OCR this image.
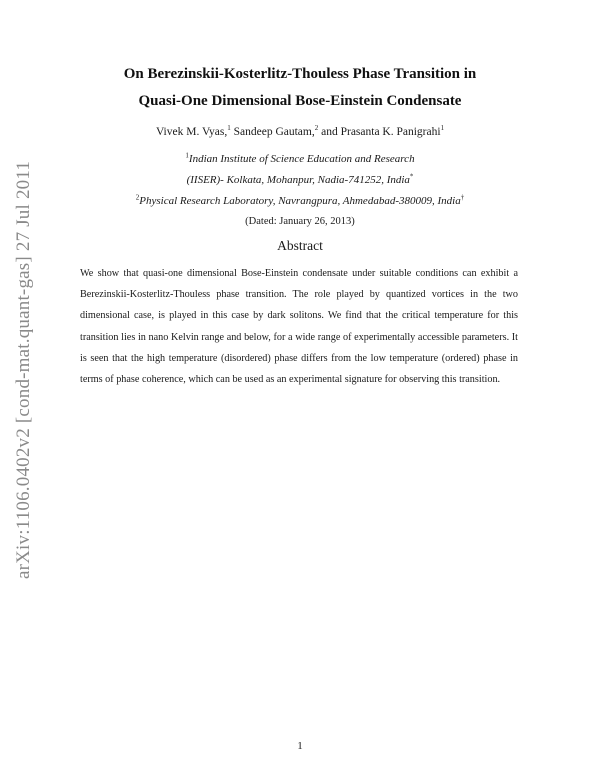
arXiv:1106.0402v2 [cond-mat.quant-gas] 27 Jul 2011
On Berezinskii-Kosterlitz-Thouless Phase Transition in
Quasi-One Dimensional Bose-Einstein Condensate
Vivek M. Vyas,$^1$ Sandeep Gautam,$^2$ and Prasanta K. Panigrahi$^1$
$^1$Indian Institute of Science Education and Research
(IISER)- Kolkata, Mohanpur, Nadia-741252, India*
$^2$Physical Research Laboratory, Navrangpura, Ahmedabad-380009, India†
(Dated: January 26, 2013)
Abstract

We show that quasi-one dimensional Bose-Einstein condensate under suitable conditions can exhibit a Berezinskii-Kosterlitz-Thouless phase transition. The role played by quantized vortices in the two dimensional case, is played in this case by dark solitons. We find that the critical temperature for this transition lies in nano Kelvin range and below, for a wide range of experimentally accessible parameters. It is seen that the high temperature (disordered) phase differs from the low temperature (ordered) phase in terms of phase coherence, which can be used as an experimental signature for observing this transition.

1
